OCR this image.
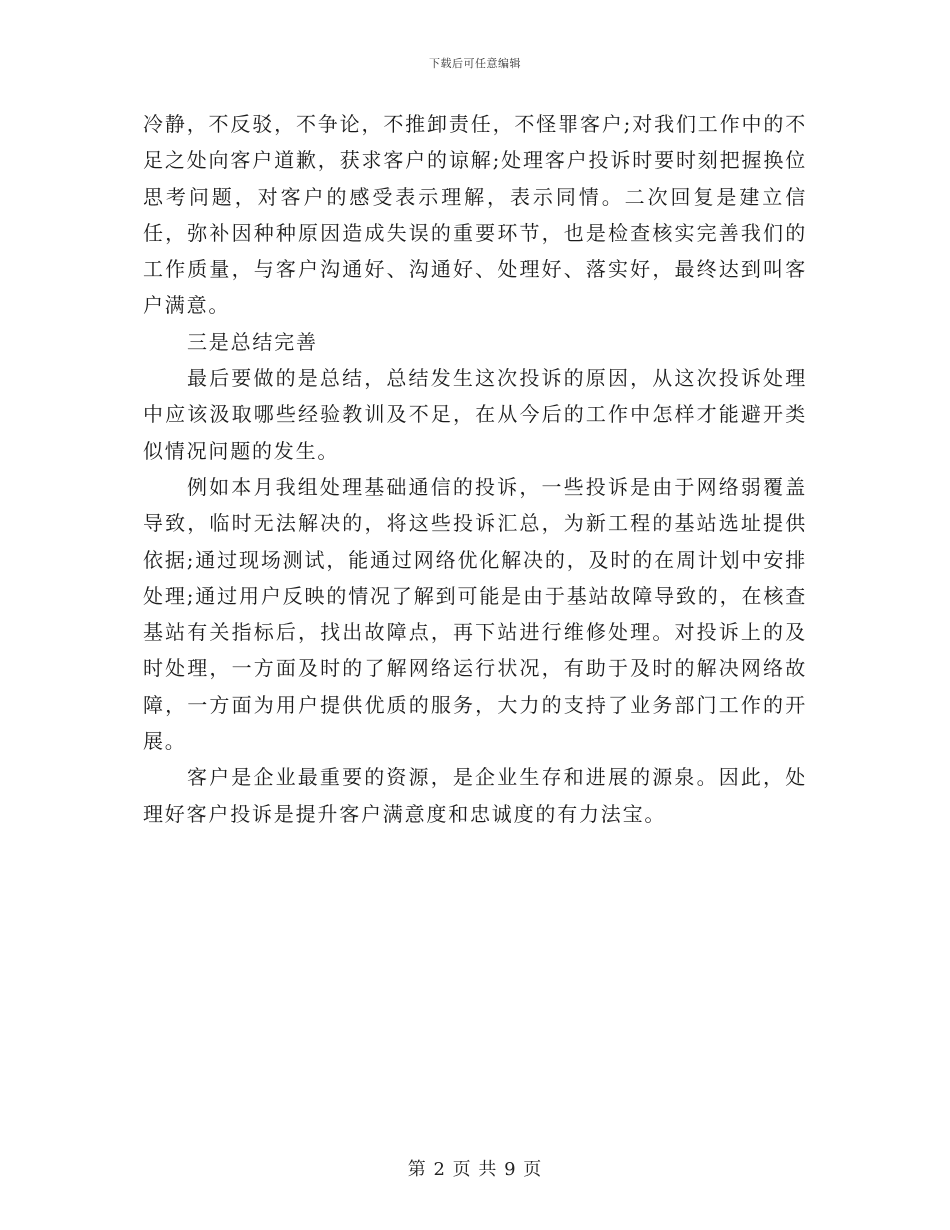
下载后可任意编辑

冷静，不反驳，不争论，不推卸责任，不怪罪客户;对我们工作中的不足之处向客户道歉，获求客户的谅解;处理客户投诉时要时刻把握换位思考问题，对客户的感受表示理解，表示同情。二次回复是建立信任，弥补因种种原因造成失误的重要环节，也是检查核实完善我们的工作质量，与客户沟通好、沟通好、处理好、落实好，最终达到叫客户满意。

三是总结完善

最后要做的是总结，总结发生这次投诉的原因，从这次投诉处理中应该汲取哪些经验教训及不足，在从今后的工作中怎样才能避开类似情况问题的发生。

例如本月我组处理基础通信的投诉，一些投诉是由于网络弱覆盖导致，临时无法解决的，将这些投诉汇总，为新工程的基站选址提供依据;通过现场测试，能通过网络优化解决的，及时的在周计划中安排处理;通过用户反映的情况了解到可能是由于基站故障导致的，在核查基站有关指标后，找出故障点，再下站进行维修处理。对投诉上的及时处理，一方面及时的了解网络运行状况，有助于及时的解决网络故障，一方面为用户提供优质的服务，大力的支持了业务部门工作的开展。

客户是企业最重要的资源，是企业生存和进展的源泉。因此，处理好客户投诉是提升客户满意度和忠诚度的有力法宝。

第 2 页 共 9 页
